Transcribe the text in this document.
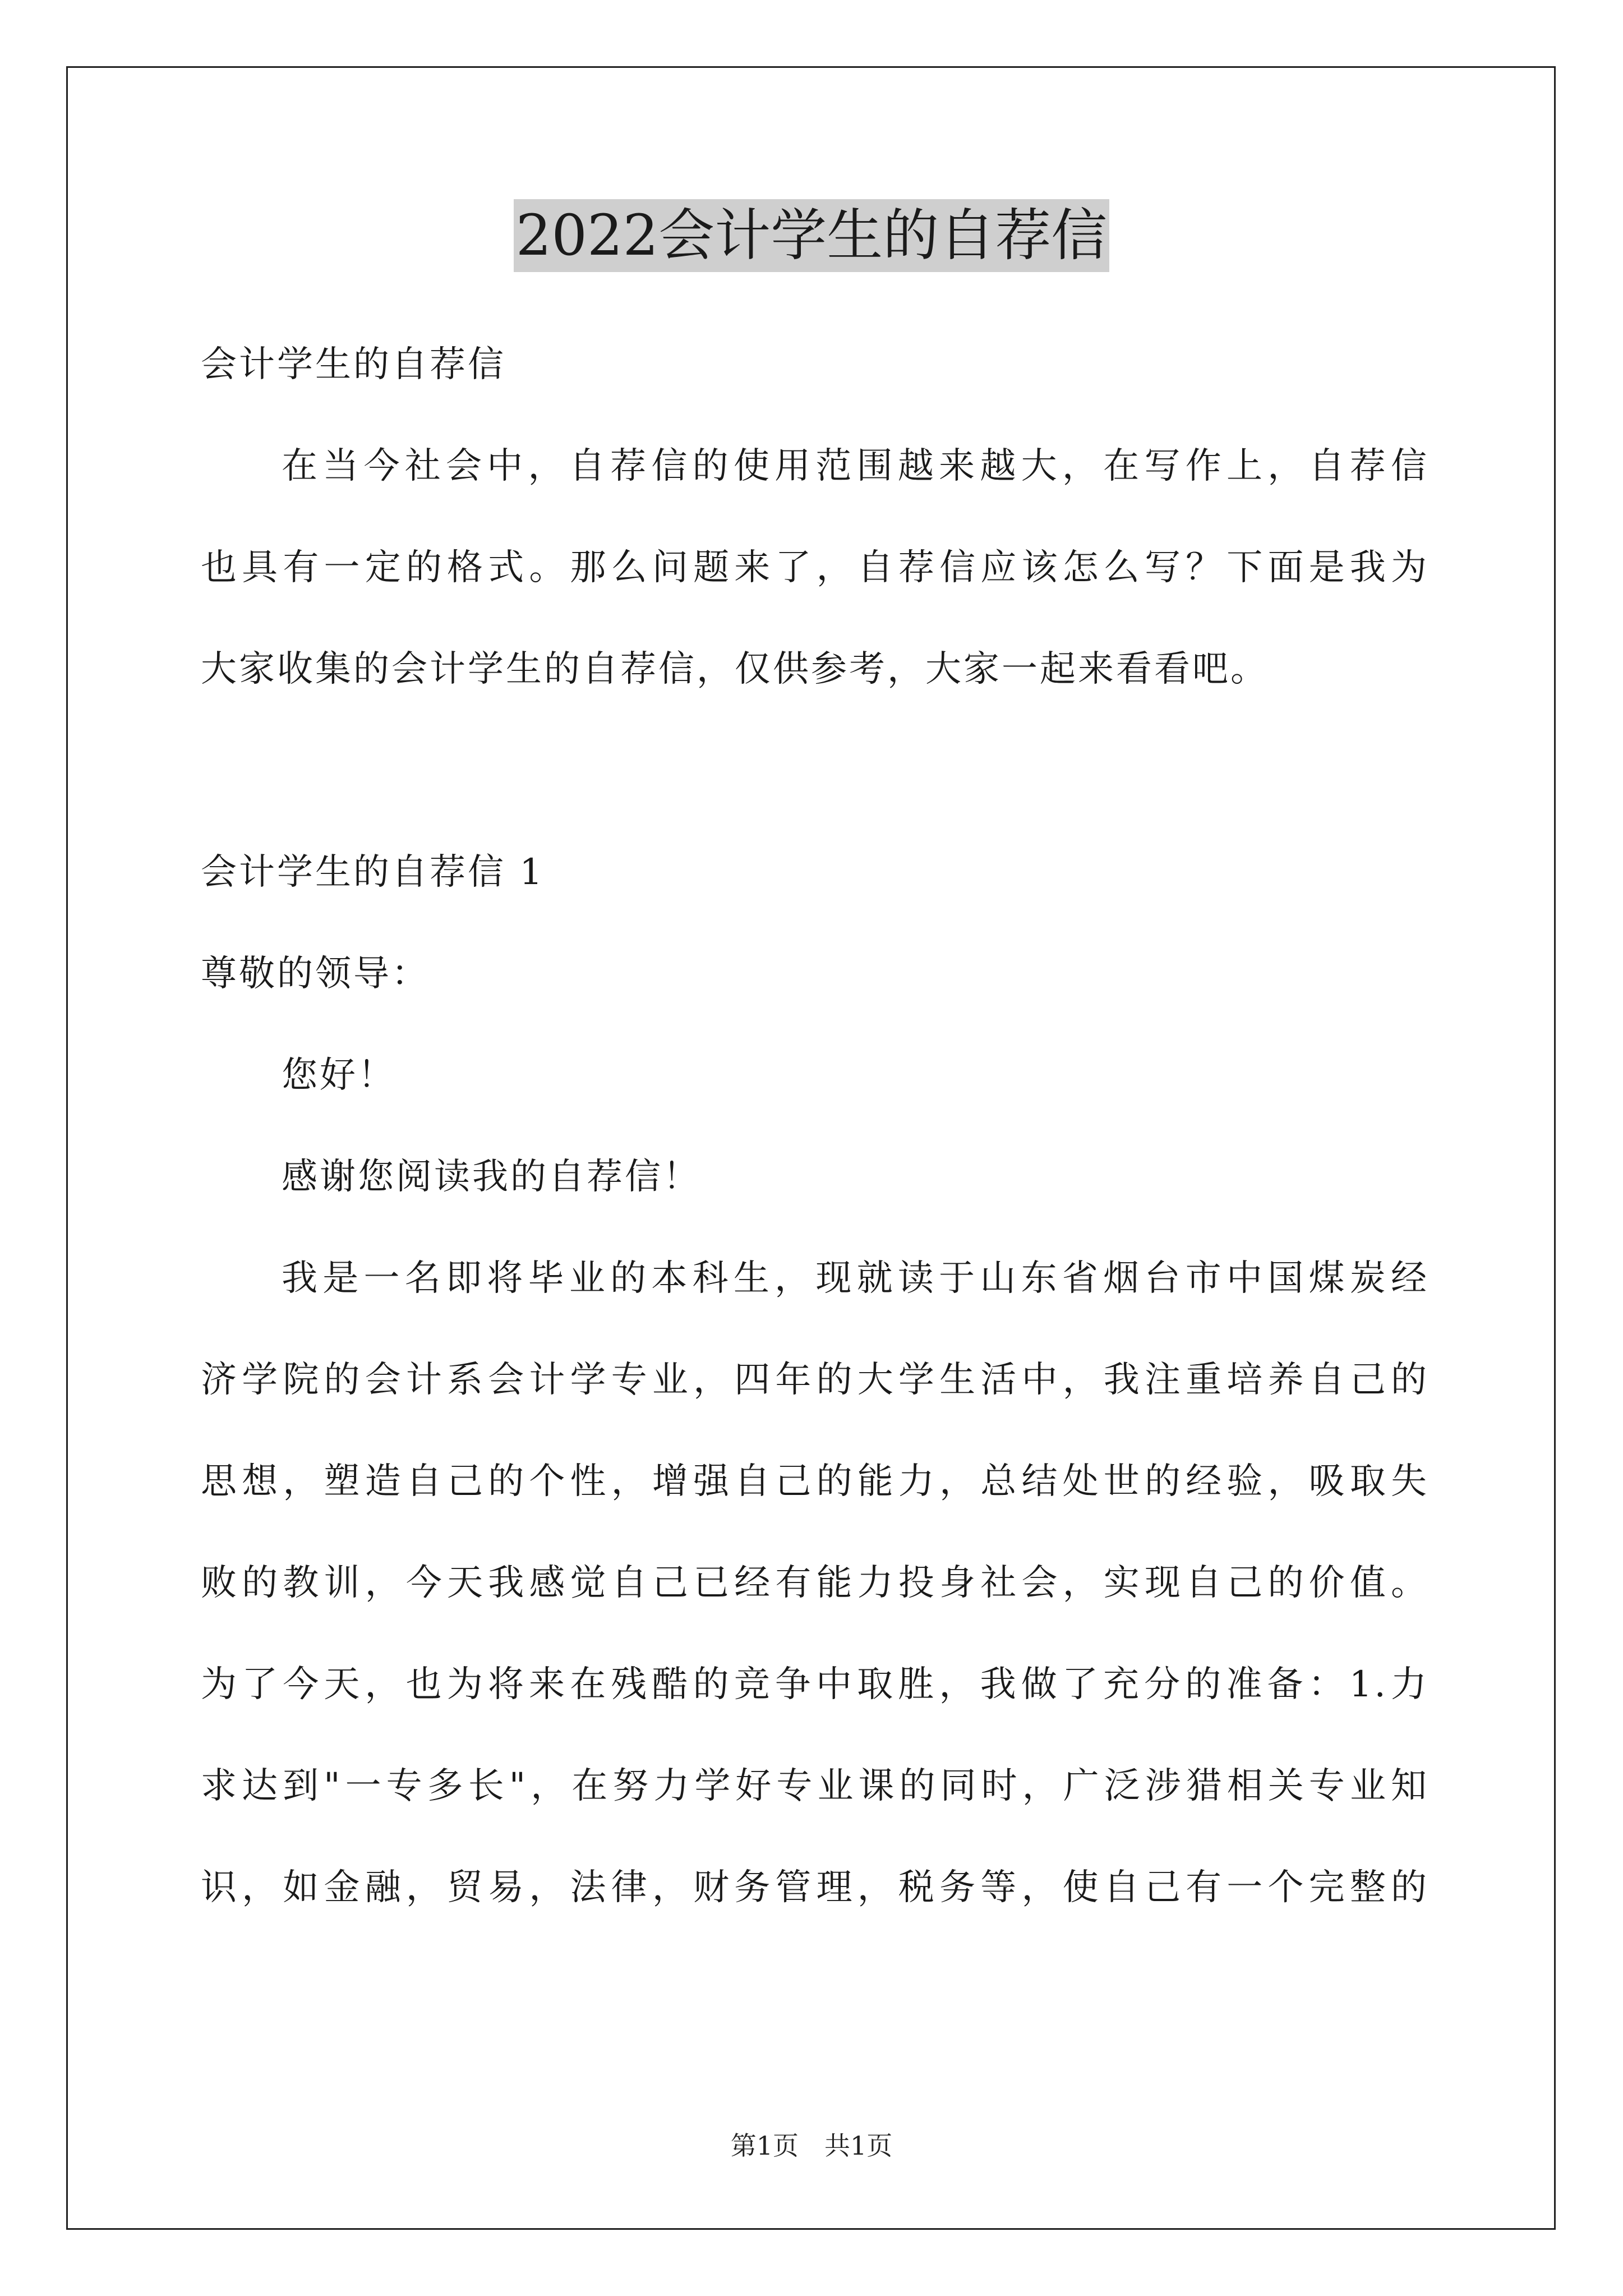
2022会计学生的自荐信
会计学生的自荐信
在当今社会中，自荐信的使用范围越来越大，在写作上，自荐信
也具有一定的格式。那么问题来了，自荐信应该怎么写？下面是我为
大家收集的会计学生的自荐信，仅供参考，大家一起来看看吧。
会计学生的自荐信 1
尊敬的领导：
您好！
感谢您阅读我的自荐信！
我是一名即将毕业的本科生，现就读于山东省烟台市中国煤炭经
济学院的会计系会计学专业，四年的大学生活中，我注重培养自己的
思想，塑造自己的个性，增强自己的能力，总结处世的经验，吸取失
败的教训，今天我感觉自己已经有能力投身社会，实现自己的价值。
为了今天，也为将来在残酷的竞争中取胜，我做了充分的准备：1.力
求达到"一专多长"，在努力学好专业课的同时，广泛涉猎相关专业知
识，如金融，贸易，法律，财务管理，税务等，使自己有一个完整的
第1页　共1页
